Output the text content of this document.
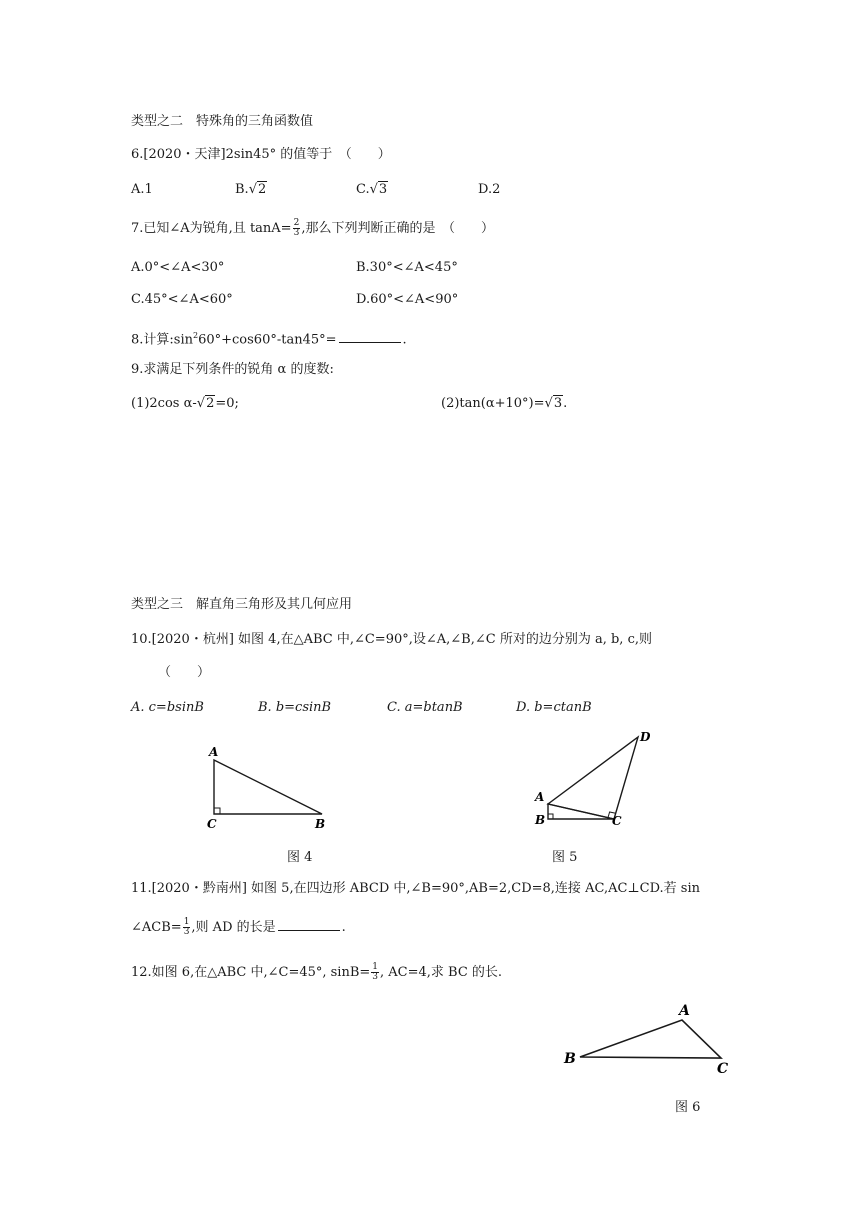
类型之二　特殊角的三角函数值
6.[2020・天津]2sin45° 的值等于　（　　）
A.1	B.√2	C.√3	D.2
7.已知∠A为锐角,且 $\tan A= \frac{2}{3}$ ,那么下列判断正确的是　（　　）
A.0°<∠A<30°	B.30°<∠A<45°
C.45°<∠A<60°	D.60°<∠A<90°
8.计算$:\sin^260^\circ+\cos 60^\circ-\tan 45^\circ=$	.
9.求满足下列条件的锐角 α 的度数:
(1)2cos α-√2=0;	(2)tan(α+10°)=√3.
类型之三　解直角三角形及其几何应用
10.[2020・杭州] 如图 4,在△ABC 中,∠C=90°,设∠A,∠B,∠C 所对的边分别为 a, b, c,则
（　　）
A. c=bsinB	B. b=csinB	C. a=btanB	D. b=ctanB
A
C	B
图 4
A
B	C
D
图 5
11.[2020・黔南州] 如图 5,在四边形 ABCD 中,∠B=90°,AB=2,CD=8,连接 AC,AC⊥CD.若 sin
∠ACB= $\frac{1}{3}$ ,则 AD 的长是	.
12.如图 6,在△ABC 中,∠C=45°, $\sin B= \frac{1}{3}$ , AC=4,求 BC 的长.
A
B
C
图 6
